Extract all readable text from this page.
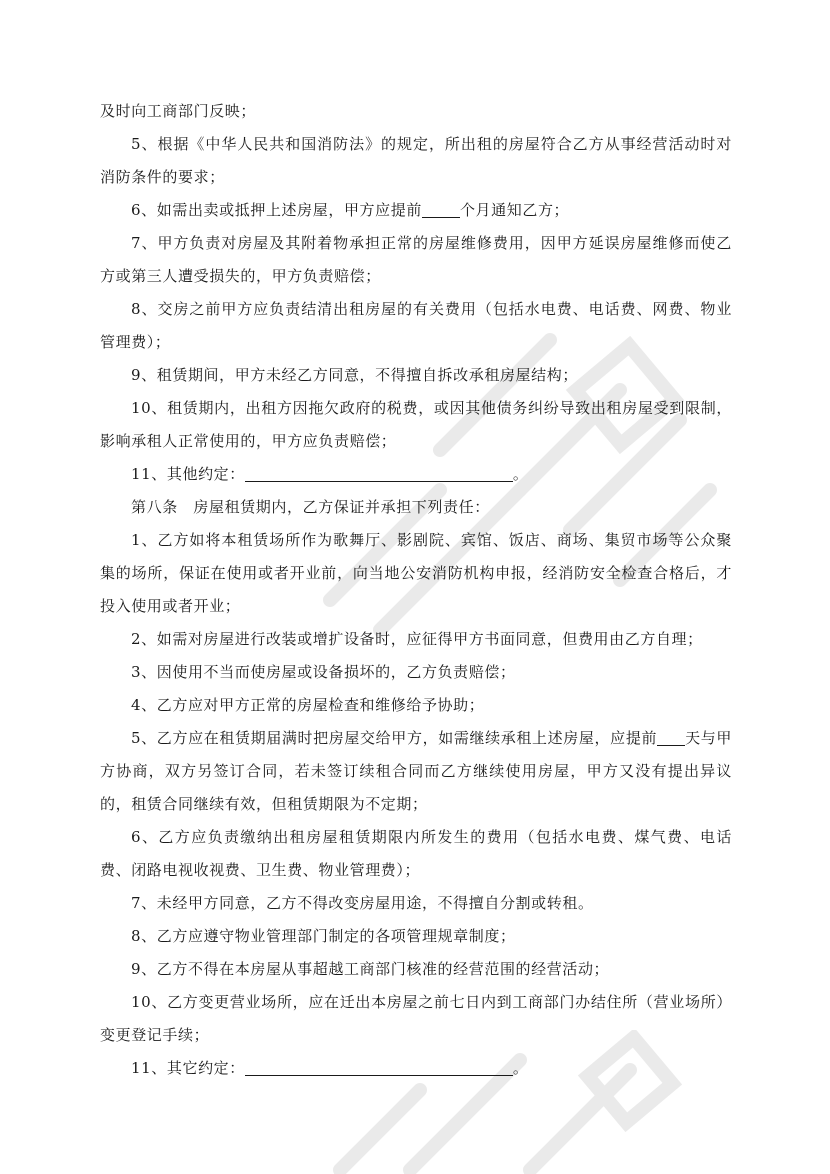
及时向工商部门反映；

5、根据《中华人民共和国消防法》的规定，所出租的房屋符合乙方从事经营活动时对消防条件的要求；

6、如需出卖或抵押上述房屋，甲方应提前	个月通知乙方；

7、甲方负责对房屋及其附着物承担正常的房屋维修费用，因甲方延误房屋维修而使乙方或第三人遭受损失的，甲方负责赔偿；

8、交房之前甲方应负责结清出租房屋的有关费用（包括水电费、电话费、网费、物业管理费）；

9、租赁期间，甲方未经乙方同意，不得擅自拆改承租房屋结构；

10、租赁期内，出租方因拖欠政府的税费，或因其他债务纠纷导致出租房屋受到限制，影响承租人正常使用的，甲方应负责赔偿；

11、其他约定：	。

第八条　房屋租赁期内，乙方保证并承担下列责任：

1、乙方如将本租赁场所作为歌舞厅、影剧院、宾馆、饭店、商场、集贸市场等公众聚集的场所，保证在使用或者开业前，向当地公安消防机构申报，经消防安全检查合格后，才投入使用或者开业；

2、如需对房屋进行改装或增扩设备时，应征得甲方书面同意，但费用由乙方自理；

3、因使用不当而使房屋或设备损坏的，乙方负责赔偿；

4、乙方应对甲方正常的房屋检查和维修给予协助；

5、乙方应在租赁期届满时把房屋交给甲方，如需继续承租上述房屋，应提前 天与甲方协商，双方另签订合同，若未签订续租合同而乙方继续使用房屋，甲方又没有提出异议的，租赁合同继续有效，但租赁期限为不定期；

6、乙方应负责缴纳出租房屋租赁期限内所发生的费用（包括水电费、煤气费、电话费、闭路电视收视费、卫生费、物业管理费）；

7、未经甲方同意，乙方不得改变房屋用途，不得擅自分割或转租。

8、乙方应遵守物业管理部门制定的各项管理规章制度；

9、乙方不得在本房屋从事超越工商部门核准的经营范围的经营活动；

10、乙方变更营业场所，应在迁出本房屋之前七日内到工商部门办结住所（营业场所）变更登记手续；

11、其它约定：	。
